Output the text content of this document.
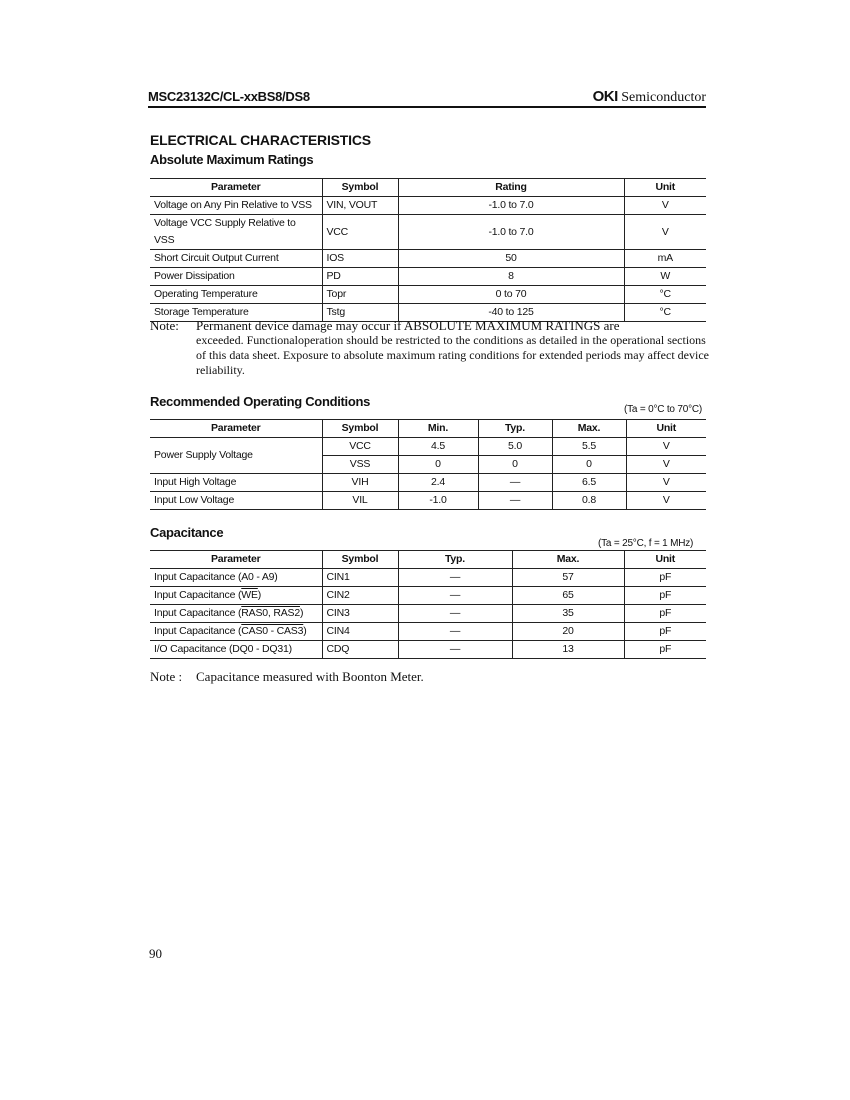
MSC23132C/CL-xxBS8/DS8	OKI Semiconductor
ELECTRICAL CHARACTERISTICS
Absolute Maximum Ratings
Parameter	Symbol	Rating	Unit
Voltage on Any Pin Relative to VSS	VIN, VOUT	-1.0 to 7.0	V
Voltage VCC Supply Relative to VSS	VCC	-1.0 to 7.0	V
Short Circuit Output Current	IOS	50	mA
Power Dissipation	PD	8	W
Operating Temperature	Topr	0 to 70	°C
Storage Temperature	Tstg	-40 to 125	°C
Note: Permanent device damage may occur if ABSOLUTE MAXIMUM RATINGS are
exceeded. Functionaloperation should be restricted to the conditions as detailed in the operational sections of this data sheet. Exposure to absolute maximum rating conditions for extended periods may affect device reliability.
Recommended Operating Conditions
(Ta = 0°C to 70°C)
Parameter	Symbol	Min.	Typ.	Max.	Unit
Power Supply Voltage	VCC	4.5	5.0	5.5	V
	VSS	0	0	0	V
Input High Voltage	VIH	2.4	—	6.5	V
Input Low Voltage	VIL	-1.0	—	0.8	V
Capacitance
(Ta = 25°C, f = 1 MHz)
Parameter	Symbol	Typ.	Max.	Unit
Input Capacitance (A0 - A9)	CIN1	—	57	pF
Input Capacitance $(\overline{WE})$	CIN2	—	65	pF
Input Capacitance (RAS0, RAS2)	CIN3	—	35	pF
Input Capacitance (CAS0 - CAS3)	CIN4	—	20	pF
I/O Capacitance (DQ0 - DQ31)	CDQ	—	13	pF
Note : Capacitance measured with Boonton Meter.
90
